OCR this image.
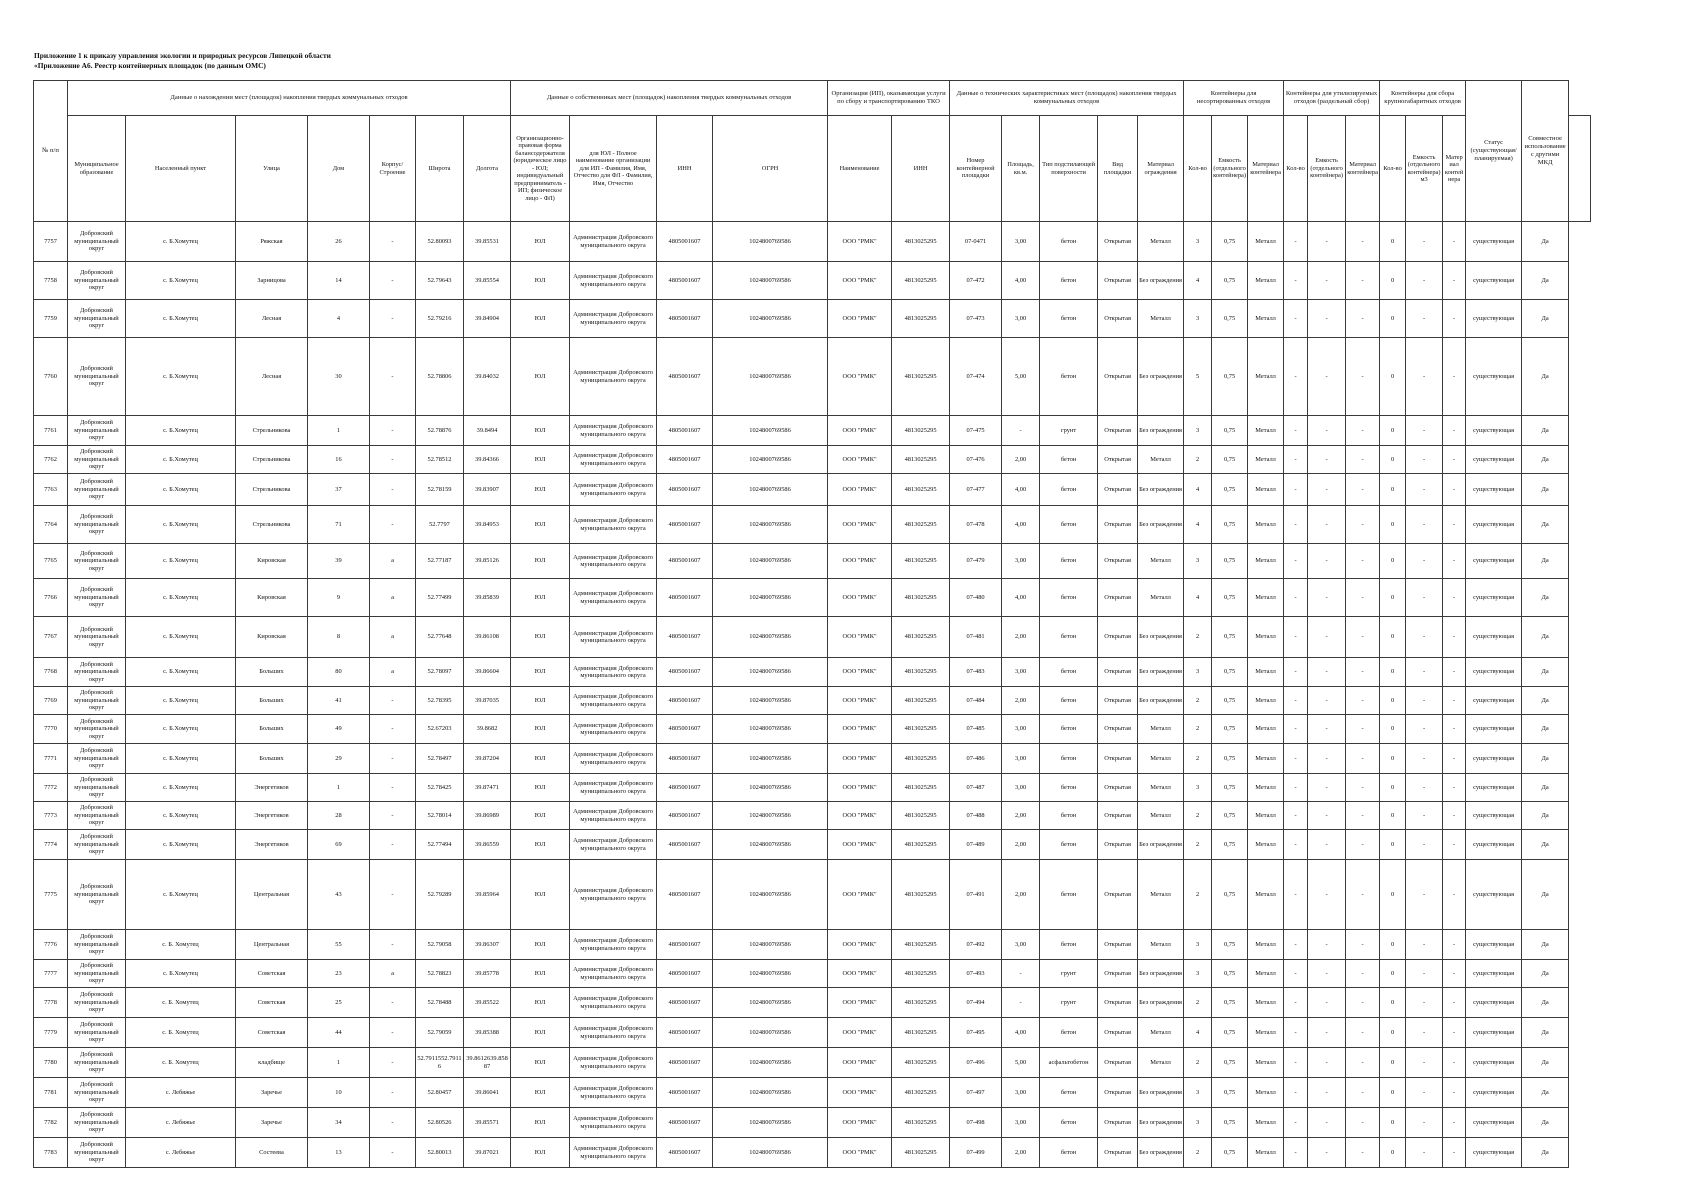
Приложение 1 к приказу управления экологии и природных ресурсов Липецкой области
«Приложение А6. Реестр контейнерных площадок (по данным ОМС)
№ п/п	Данные о нахождении мест (площадок) накопления твердых коммунальных отходов							Данные о собственниках мест (площадок) накопления твердых коммунальных отходов				Организация (ИП), оказывающая услуги по сбору и транспортированию ТКО		Данные о технических характеристиках мест (площадок) накопления твердых коммунальных отходов					Контейнеры для несортированных отходов			Контейнеры для утилизируемых отходов (раздельный сбор)			Контейнеры для сбора крупногабаритных отходов			Статус (существующая/ планируемая)	Совместное использование с другими МКД	
	Муниципальное образование	Населенный пункт	Улица	Дом	Корпус/Строение	Широта	Долгота	Организационно-правовая форма балансодержателя (юридическое лицо - ЮЛ; индивидуальный предприниматель - ИП; физическое лицо - ФЛ)	для ЮЛ - Полное наименование организации для ИП - Фамилия, Имя, Отчество для ФЛ - Фамилия, Имя, Отчество	ИНН	ОГРН	Наименование	ИНН	Номер контейнерной площадки	Площадь, кв.м.	Тип подстилающей поверхности	Вид площадки	Материал ограждения	Кол-во	Емкость (отдельного контейнера)	Материал контейнера	Кол-во	Емкость (отдельного контейнера)	Материал контейнера	Кол-во	Емкость (отдельного контейнера) м3	Материал контейнера			
7757	Добровский муниципальный округ	с. Б.Хомутец	Ряжская	26	-	52.80093	39.85531	ЮЛ	Администрация Добровского муниципального округа	4805001607	1024800769586	ООО "РМК"	4813025295	07-0471	3,00	бетон	Открытая	Металл	3	0,75	Металл	-	-	-	0	-	-	существующая	Да	
7758	Добровский муниципальный округ	с. Б.Хомутец	Зарницова	14	-	52.79643	39.85554	ЮЛ	Администрация Добровского муниципального округа	4805001607	1024800769586	ООО "РМК"	4813025295	07-472	4,00	бетон	Открытая	Без ограждения	4	0,75	Металл	-	-	-	0	-	-	существующая	Да	
7759	Добровский муниципальный округ	с. Б.Хомутец	Лесная	4	-	52.79216	39.84904	ЮЛ	Администрация Добровского муниципального округа	4805001607	1024800769586	ООО "РМК"	4813025295	07-473	3,00	бетон	Открытая	Металл	3	0,75	Металл	-	-	-	0	-	-	существующая	Да	
7760	Добровский муниципальный округ	с. Б.Хомутец	Лесная	30	-	52.78806	39.84032	ЮЛ	Администрация Добровского муниципального округа	4805001607	1024800769586	ООО "РМК"	4813025295	07-474	5,00	бетон	Открытая	Без ограждения	5	0,75	Металл	-	-	-	0	-	-	существующая	Да	
7761	Добровский муниципальный округ	с. Б.Хомутец	Стрельникова	1	-	52.78876	39.8494	ЮЛ	Администрация Добровского муниципального округа	4805001607	1024800769586	ООО "РМК"	4813025295	07-475	-	грунт	Открытая	Без ограждения	3	0,75	Металл	-	-	-	0	-	-	существующая	Да	
7762	Добровский муниципальный округ	с. Б.Хомутец	Стрельникова	16	-	52.78512	39.84366	ЮЛ	Администрация Добровского муниципального округа	4805001607	1024800769586	ООО "РМК"	4813025295	07-476	2,00	бетон	Открытая	Металл	2	0,75	Металл	-	-	-	0	-	-	существующая	Да	
7763	Добровский муниципальный округ	с. Б.Хомутец	Стрельникова	37	-	52.78159	39.83907	ЮЛ	Администрация Добровского муниципального округа	4805001607	1024800769586	ООО "РМК"	4813025295	07-477	4,00	бетон	Открытая	Без ограждения	4	0,75	Металл	-	-	-	0	-	-	существующая	Да	
7764	Добровский муниципальный округ	с. Б.Хомутец	Стрельникова	71	-	52.7797	39.84953	ЮЛ	Администрация Добровского муниципального округа	4805001607	1024800769586	ООО "РМК"	4813025295	07-478	4,00	бетон	Открытая	Без ограждения	4	0,75	Металл	-	-	-	0	-	-	существующая	Да	
7765	Добровский муниципальный округ	с. Б.Хомутец	Кировская	39	а	52.77187	39.85126	ЮЛ	Администрация Добровского муниципального округа	4805001607	1024800769586	ООО "РМК"	4813025295	07-479	3,00	бетон	Открытая	Металл	3	0,75	Металл	-	-	-	0	-	-	существующая	Да	
7766	Добровский муниципальный округ	с. Б.Хомутец	Кировская	9	а	52.77499	39.85839	ЮЛ	Администрация Добровского муниципального округа	4805001607	1024800769586	ООО "РМК"	4813025295	07-480	4,00	бетон	Открытая	Металл	4	0,75	Металл	-	-	-	0	-	-	существующая	Да	
7767	Добровский муниципальный округ	с. Б.Хомутец	Кировская	8	а	52.77648	39.86108	ЮЛ	Администрация Добровского муниципального округа	4805001607	1024800769586	ООО "РМК"	4813025295	07-481	2,00	бетон	Открытая	Без ограждения	2	0,75	Металл	-	-	-	0	-	-	существующая	Да	
7768	Добровский муниципальный округ	с. Б.Хомутец	Больших	80	а	52.78097	39.86604	ЮЛ	Администрация Добровского муниципального округа	4805001607	1024800769586	ООО "РМК"	4813025295	07-483	3,00	бетон	Открытая	Без ограждения	3	0,75	Металл	-	-	-	0	-	-	существующая	Да	
7769	Добровский муниципальный округ	с. Б.Хомутец	Больших	41	-	52.78395	39.87035	ЮЛ	Администрация Добровского муниципального округа	4805001607	1024800769586	ООО "РМК"	4813025295	07-484	2,00	бетон	Открытая	Без ограждения	2	0,75	Металл	-	-	-	0	-	-	существующая	Да	
7770	Добровский муниципальный округ	с. Б.Хомутец	Больших	49	-	52.67203	39.8682	ЮЛ	Администрация Добровского муниципального округа	4805001607	1024800769586	ООО "РМК"	4813025295	07-485	3,00	бетон	Открытая	Металл	2	0,75	Металл	-	-	-	0	-	-	существующая	Да	
7771	Добровский муниципальный округ	с. Б.Хомутец	Больших	29	-	52.78497	39.87204	ЮЛ	Администрация Добровского муниципального округа	4805001607	1024800769586	ООО "РМК"	4813025295	07-486	3,00	бетон	Открытая	Металл	2	0,75	Металл	-	-	-	0	-	-	существующая	Да	
7772	Добровский муниципальный округ	с. Б.Хомутец	Энергетиков	1	-	52.78425	39.87471	ЮЛ	Администрация Добровского муниципального округа	4805001607	1024800769586	ООО "РМК"	4813025295	07-487	3,00	бетон	Открытая	Металл	3	0,75	Металл	-	-	-	0	-	-	существующая	Да	
7773	Добровский муниципальный округ	с. Б.Хомутец	Энергетиков	28	-	52.78014	39.86989	ЮЛ	Администрация Добровского муниципального округа	4805001607	1024800769586	ООО "РМК"	4813025295	07-488	2,00	бетон	Открытая	Металл	2	0,75	Металл	-	-	-	0	-	-	существующая	Да	
7774	Добровский муниципальный округ	с. Б.Хомутец	Энергетиков	69	-	52.77494	39.86559	ЮЛ	Администрация Добровского муниципального округа	4805001607	1024800769586	ООО "РМК"	4813025295	07-489	2,00	бетон	Открытая	Без ограждения	2	0,75	Металл	-	-	-	0	-	-	существующая	Да	
7775	Добровский муниципальный округ	с. Б.Хомутец	Центральная	43	-	52.79289	39.85964	ЮЛ	Администрация Добровского муниципального округа	4805001607	1024800769586	ООО "РМК"	4813025295	07-491	2,00	бетон	Открытая	Металл	2	0,75	Металл	-	-	-	0	-	-	существующая	Да	
7776	Добровский муниципальный округ	с. Б. Хомутец	Центральная	55	-	52.79058	39.86307	ЮЛ	Администрация Добровского муниципального округа	4805001607	1024800769586	ООО "РМК"	4813025295	07-492	3,00	бетон	Открытая	Металл	3	0,75	Металл	-	-	-	0	-	-	существующая	Да	
7777	Добровский муниципальный округ	с. Б.Хомутец	Советская	23	а	52.78823	39.85778	ЮЛ	Администрация Добровского муниципального округа	4805001607	1024800769586	ООО "РМК"	4813025295	07-493	-	грунт	Открытая	Без ограждения	3	0,75	Металл	-	-	-	0	-	-	существующая	Да	
7778	Добровский муниципальный округ	с. Б. Хомутец	Советская	25	-	52.78488	39.85522	ЮЛ	Администрация Добровского муниципального округа	4805001607	1024800769586	ООО "РМК"	4813025295	07-494	-	грунт	Открытая	Без ограждения	2	0,75	Металл	-	-	-	0	-	-	существующая	Да	
7779	Добровский муниципальный округ	с. Б. Хомутец	Советская	44	-	52.79059	39.85388	ЮЛ	Администрация Добровского муниципального округа	4805001607	1024800769586	ООО "РМК"	4813025295	07-495	4,00	бетон	Открытая	Металл	4	0,75	Металл	-	-	-	0	-	-	существующая	Да	
7780	Добровский муниципальный округ	с. Б. Хомутец	кладбище	1	-	52.7911552.79116	39.8612639.85887	ЮЛ	Администрация Добровского муниципального округа	4805001607	1024800769586	ООО "РМК"	4813025295	07-496	5,00	асфальтобетон	Открытая	Металл	2	0,75	Металл	-	-	-	0	-	-	существующая	Да	
7781	Добровский муниципальный округ	с. Лебяжье	Заречье	10	-	52.80457	39.86041	ЮЛ	Администрация Добровского муниципального округа	4805001607	1024800769586	ООО "РМК"	4813025295	07-497	3,00	бетон	Открытая	Без ограждения	3	0,75	Металл	-	-	-	0	-	-	существующая	Да	
7782	Добровский муниципальный округ	с. Лебяжье	Заречье	34	-	52.80526	39.85571	ЮЛ	Администрация Добровского муниципального округа	4805001607	1024800769586	ООО "РМК"	4813025295	07-498	3,00	бетон	Открытая	Без ограждения	3	0,75	Металл	-	-	-	0	-	-	существующая	Да	
7783	Добровский муниципальный округ	с. Лебяжье	Состеева	13	-	52.80013	39.87021	ЮЛ	Администрация Добровского муниципального округа	4805001607	1024800769586	ООО "РМК"	4813025295	07-499	2,00	бетон	Открытая	Без ограждения	2	0,75	Металл	-	-	-	0	-	-	существующая	Да	
